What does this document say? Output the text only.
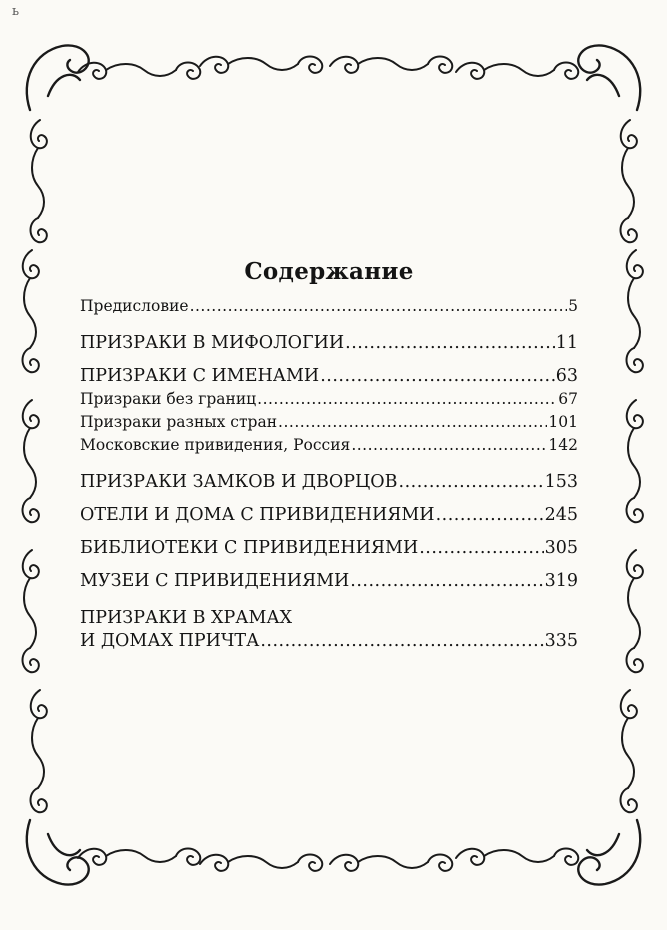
ь
Содержание
Предисловие .....	5
ПРИЗРАКИ В МИФОЛОГИИ .....	11
ПРИЗРАКИ С ИМЕНАМИ .....	63
Призраки без границ .....	67
Призраки разных стран .....	101
Московские привидения, Россия .....	142
ПРИЗРАКИ ЗАМКОВ И ДВОРЦОВ .....	153
ОТЕЛИ И ДОМА С ПРИВИДЕНИЯМИ .....	245
БИБЛИОТЕКИ С ПРИВИДЕНИЯМИ .....	305
МУЗЕИ С ПРИВИДЕНИЯМИ .....	319
ПРИЗРАКИ В ХРАМАХ
И ДОМАХ ПРИЧТА .....	335
